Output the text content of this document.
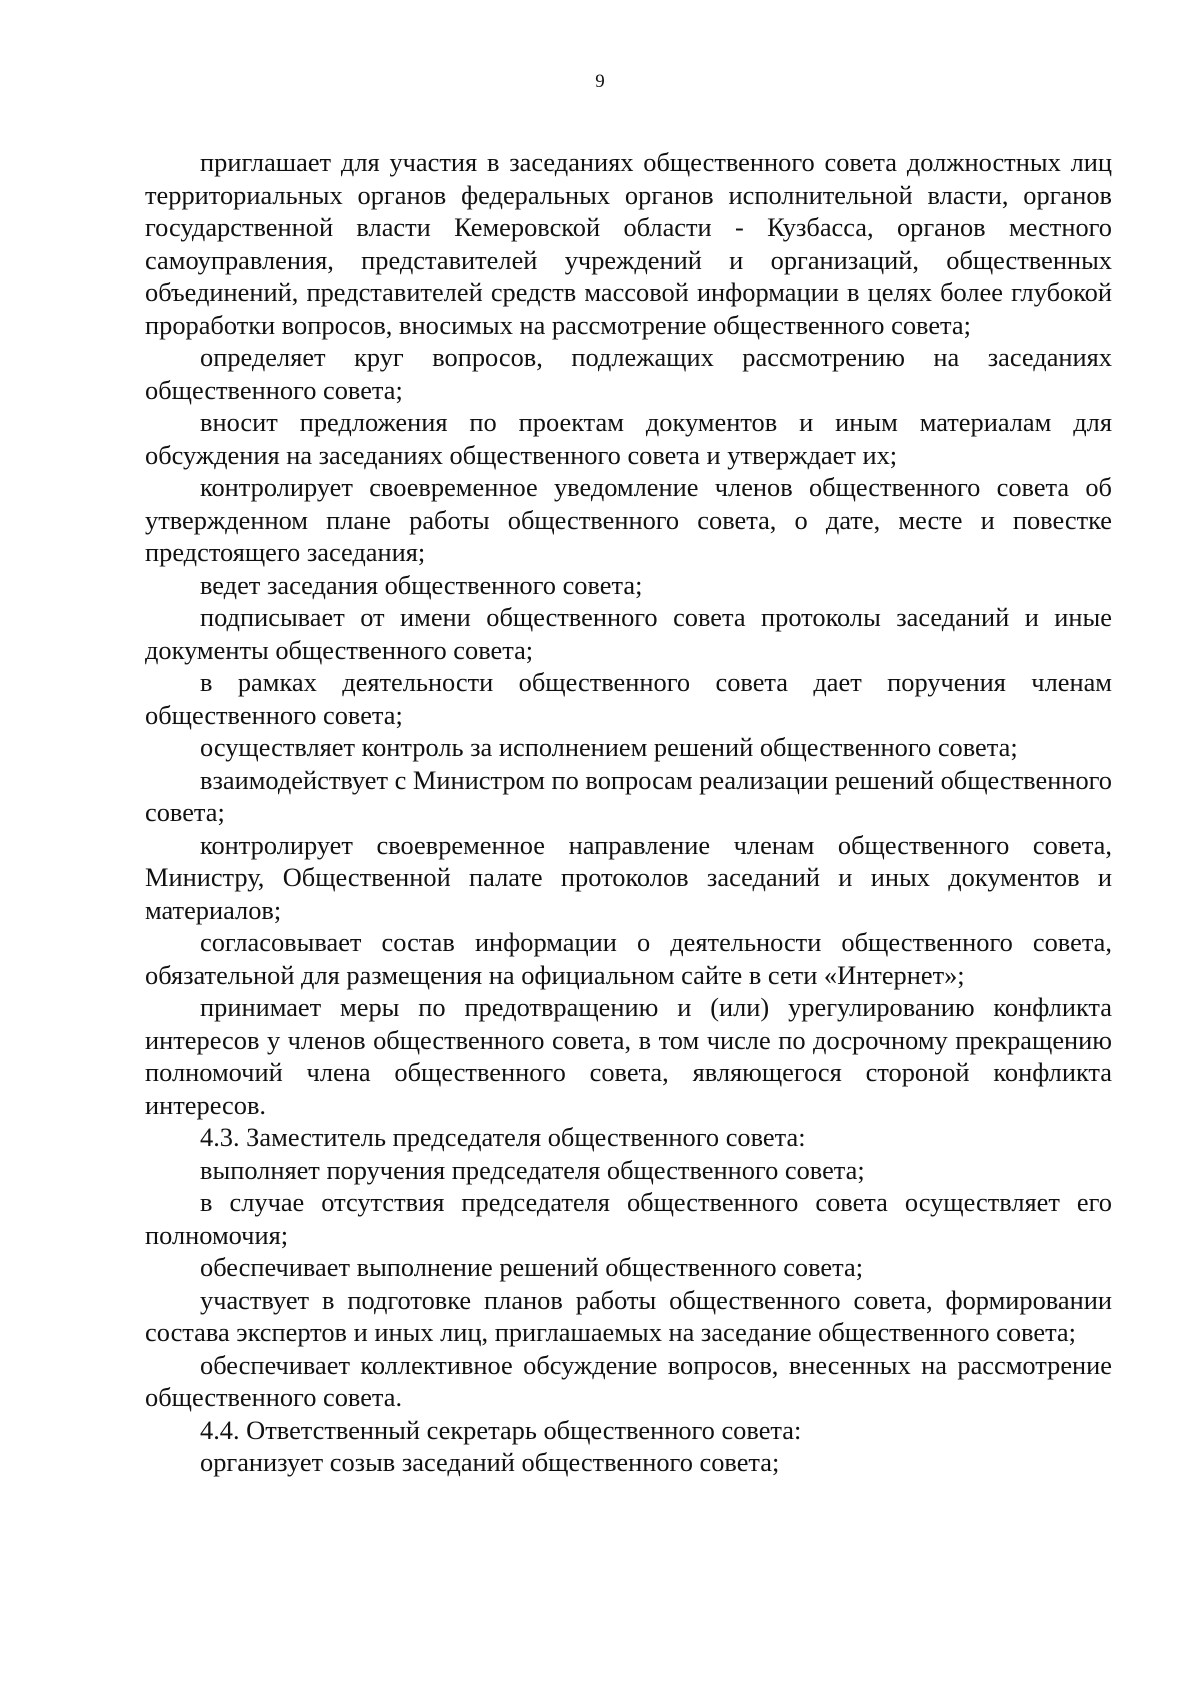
9

приглашает для участия в заседаниях общественного совета должностных лиц территориальных органов федеральных органов исполнительной власти, органов государственной власти Кемеровской области - Кузбасса, органов местного самоуправления, представителей учреждений и организаций, общественных объединений, представителей средств массовой информации в целях более глубокой проработки вопросов, вносимых на рассмотрение общественного совета;

определяет круг вопросов, подлежащих рассмотрению на заседаниях общественного совета;

вносит предложения по проектам документов и иным материалам для обсуждения на заседаниях общественного совета и утверждает их;

контролирует своевременное уведомление членов общественного совета об утвержденном плане работы общественного совета, о дате, месте и повестке предстоящего заседания;

ведет заседания общественного совета;

подписывает от имени общественного совета протоколы заседаний и иные документы общественного совета;

в рамках деятельности общественного совета дает поручения членам общественного совета;

осуществляет контроль за исполнением решений общественного совета;

взаимодействует с Министром по вопросам реализации решений общественного совета;

контролирует своевременное направление членам общественного совета, Министру, Общественной палате протоколов заседаний и иных документов и материалов;

согласовывает состав информации о деятельности общественного совета, обязательной для размещения на официальном сайте в сети «Интернет»;

принимает меры по предотвращению и (или) урегулированию конфликта интересов у членов общественного совета, в том числе по досрочному прекращению полномочий члена общественного совета, являющегося стороной конфликта интересов.

4.3. Заместитель председателя общественного совета:

выполняет поручения председателя общественного совета;

в случае отсутствия председателя общественного совета осуществляет его полномочия;

обеспечивает выполнение решений общественного совета;

участвует в подготовке планов работы общественного совета, формировании состава экспертов и иных лиц, приглашаемых на заседание общественного совета;

обеспечивает коллективное обсуждение вопросов, внесенных на рассмотрение общественного совета.

4.4. Ответственный секретарь общественного совета:

организует созыв заседаний общественного совета;
